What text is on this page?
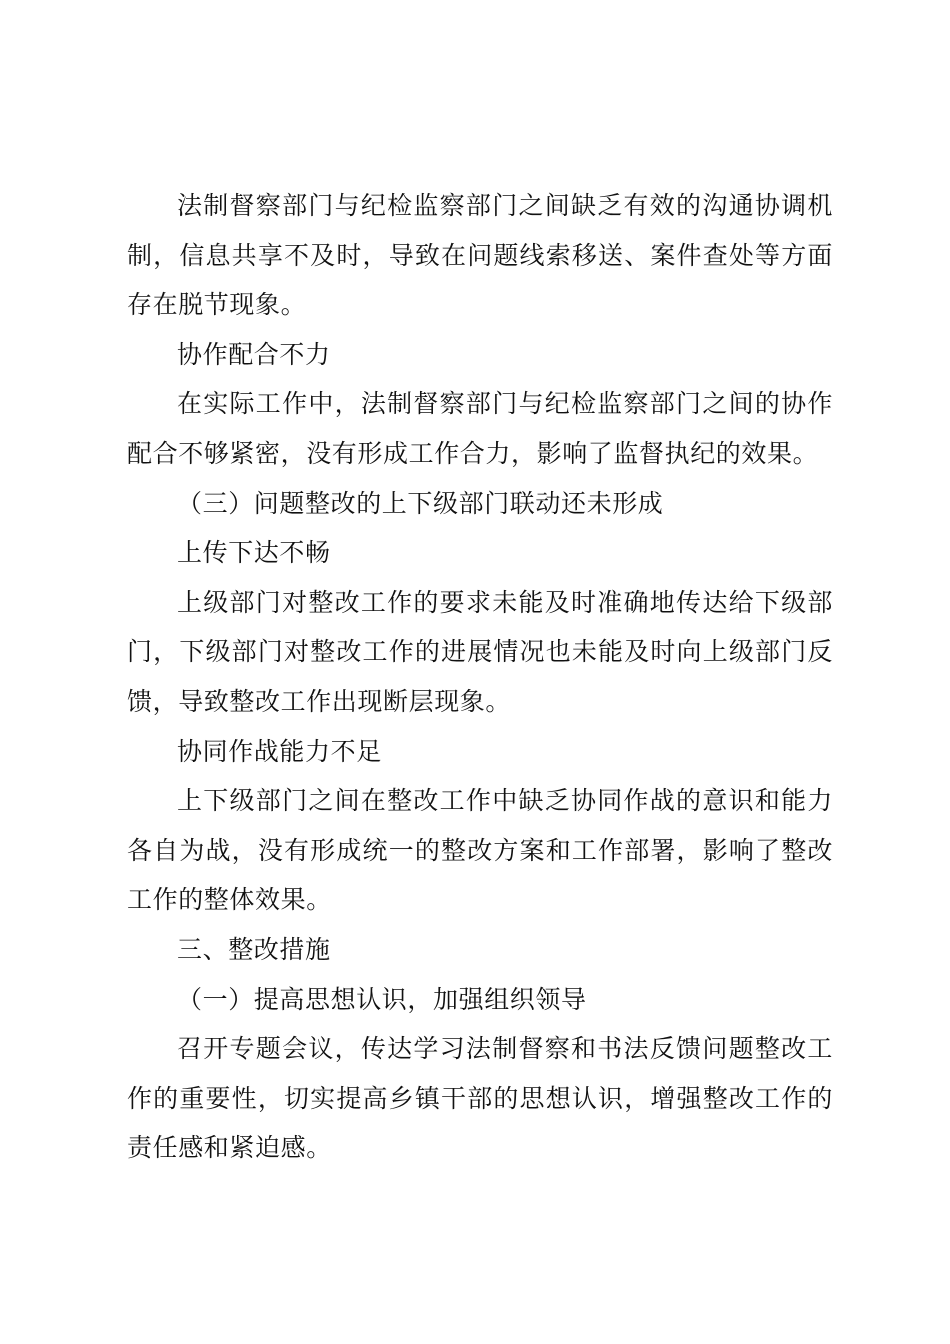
法制督察部门与纪检监察部门之间缺乏有效的沟通协调机制，信息共享不及时，导致在问题线索移送、案件查处等方面存在脱节现象。

协作配合不力

在实际工作中，法制督察部门与纪检监察部门之间的协作配合不够紧密，没有形成工作合力，影响了监督执纪的效果。

（三）问题整改的上下级部门联动还未形成

上传下达不畅

上级部门对整改工作的要求未能及时准确地传达给下级部门，下级部门对整改工作的进展情况也未能及时向上级部门反馈，导致整改工作出现断层现象。

协同作战能力不足

上下级部门之间在整改工作中缺乏协同作战的意识和能力各自为战，没有形成统一的整改方案和工作部署，影响了整改工作的整体效果。

三、整改措施

（一）提高思想认识，加强组织领导

召开专题会议，传达学习法制督察和书法反馈问题整改工作的重要性，切实提高乡镇干部的思想认识，增强整改工作的责任感和紧迫感。
